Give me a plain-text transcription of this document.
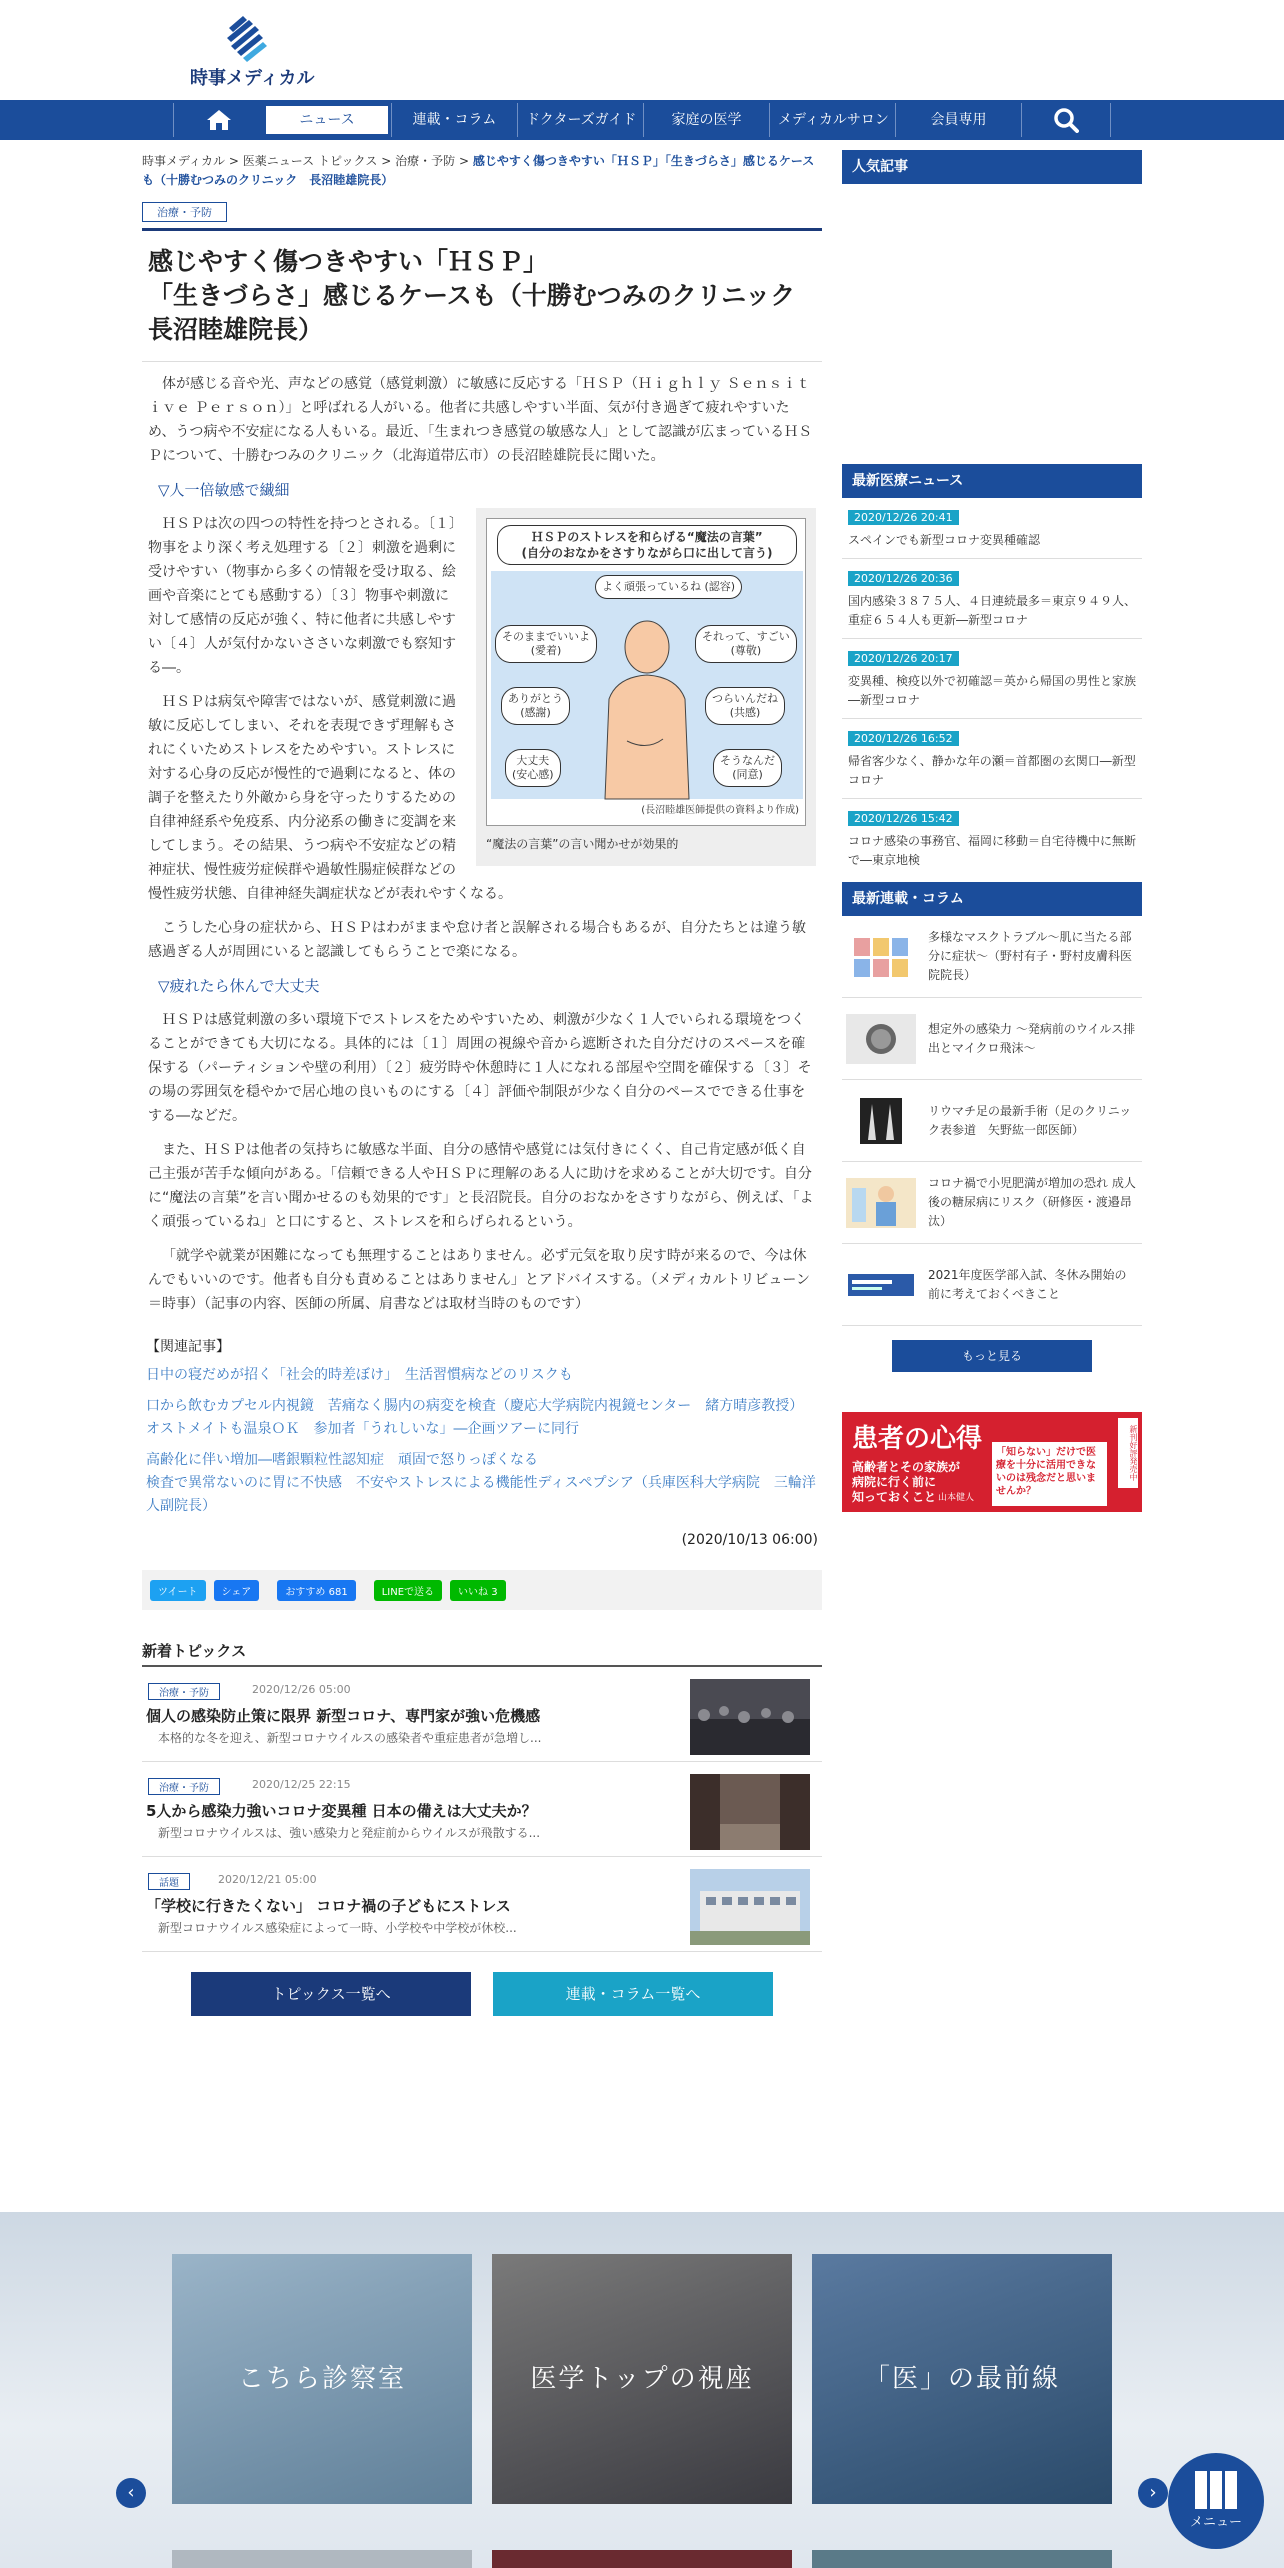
時事メディカル
ニュース	連載・コラム	ドクターズガイド	家庭の医学	メディカルサロン	会員専用
時事メディカル > 医薬ニュース トピックス > 治療・予防 > 感じやすく傷つきやすい「ＨＳＰ」「生きづらさ」感じるケースも（十勝むつみのクリニック　長沼睦雄院長）
治療・予防
感じやすく傷つきやすい「ＨＳＰ」
「生きづらさ」感じるケースも（十勝むつみのクリニック　長沼睦雄院長）

体が感じる音や光、声などの感覚（感覚刺激）に敏感に反応する「ＨＳＰ（Ｈｉｇｈｌｙ Ｓｅｎｓｉｔｉｖｅ Ｐｅｒｓｏｎ）」と呼ばれる人がいる。他者に共感しやすい半面、気が付き過ぎて疲れやすいため、うつ病や不安症になる人もいる。最近、「生まれつき感覚の敏感な人」として認識が広まっているＨＳＰについて、十勝むつみのクリニック（北海道帯広市）の長沼睦雄院長に聞いた。

▽人一倍敏感で繊細
ＨＳＰのストレスを和らげる“魔法の言葉”
(自分のおなかをさすりながら口に出して言う)
よく頑張っているね (認容)
そのままでいいよ
(愛着)
それって、すごい
(尊敬)
ありがとう
(感謝)
つらいんだね
(共感)
大丈夫
(安心感)
そうなんだ
(同意)
(長沼睦雄医師提供の資料より作成)
“魔法の言葉”の言い聞かせが効果的

ＨＳＰは次の四つの特性を持つとされる。〔１〕物事をより深く考え処理する〔２〕刺激を過剰に受けやすい（物事から多くの情報を受け取る、絵画や音楽にとても感動する）〔３〕物事や刺激に対して感情の反応が強く、特に他者に共感しやすい〔４〕人が気付かないささいな刺激でも察知する―。

ＨＳＰは病気や障害ではないが、感覚刺激に過敏に反応してしまい、それを表現できず理解もされにくいためストレスをためやすい。ストレスに対する心身の反応が慢性的で過剰になると、体の調子を整えたり外敵から身を守ったりするための自律神経系や免疫系、内分泌系の働きに変調を来してしまう。その結果、うつ病や不安症などの精神症状、慢性疲労症候群や過敏性腸症候群などの慢性疲労状態、自律神経失調症状などが表れやすくなる。

こうした心身の症状から、ＨＳＰはわがままや怠け者と誤解される場合もあるが、自分たちとは違う敏感過ぎる人が周囲にいると認識してもらうことで楽になる。

▽疲れたら休んで大丈夫

ＨＳＰは感覚刺激の多い環境下でストレスをためやすいため、刺激が少なく１人でいられる環境をつくることができても大切になる。具体的には〔１〕周囲の視線や音から遮断された自分だけのスペースを確保する（パーティションや壁の利用）〔２〕疲労時や休憩時に１人になれる部屋や空間を確保する〔３〕その場の雰囲気を穏やかで居心地の良いものにする〔４〕評価や制限が少なく自分のペースでできる仕事をする―などだ。

また、ＨＳＰは他者の気持ちに敏感な半面、自分の感情や感覚には気付きにくく、自己肯定感が低く自己主張が苦手な傾向がある。「信頼できる人やＨＳＰに理解のある人に助けを求めることが大切です。自分に“魔法の言葉”を言い聞かせるのも効果的です」と長沼院長。自分のおなかをさすりながら、例えば、「よく頑張っているね」と口にすると、ストレスを和らげられるという。

「就学や就業が困難になっても無理することはありません。必ず元気を取り戻す時が来るので、今は休んでもいいのです。他者も自分も責めることはありません」とアドバイスする。（メディカルトリビューン＝時事）（記事の内容、医師の所属、肩書などは取材当時のものです）

【関連記事】
日中の寝だめが招く「社会的時差ぼけ」　生活習慣病などのリスクも
口から飲むカプセル内視鏡　苦痛なく腸内の病変を検査（慶応大学病院内視鏡センター　緒方晴彦教授）
オストメイトも温泉ＯＫ　参加者「うれしいな」―企画ツアーに同行
高齢化に伴い増加―嗜銀顆粒性認知症　頑固で怒りっぽくなる
検査で異常ないのに胃に不快感　不安やストレスによる機能性ディスペプシア（兵庫医科大学病院　三輪洋人副院長）
(2020/10/13 06:00)
ツイート	シェア	おすすめ 681	LINEで送る	いいね 3
新着トピックス
治療・予防	2020/12/26 05:00
個人の感染防止策に限界 新型コロナ、専門家が強い危機感
本格的な冬を迎え、新型コロナウイルスの感染者や重症患者が急増し...
治療・予防	2020/12/25 22:15
5人から感染力強いコロナ変異種 日本の備えは大丈夫か？
新型コロナウイルスは、強い感染力と発症前からウイルスが飛散する...
話題	2020/12/21 05:00
「学校に行きたくない」 コロナ禍の子どもにストレス
新型コロナウイルス感染症によって一時、小学校や中学校が休校...
トピックス一覧へ	連載・コラム一覧へ
人気記事
最新医療ニュース
2020/12/26 20:41
スペインでも新型コロナ変異種確認
2020/12/26 20:36
国内感染３８７５人、４日連続最多＝東京９４９人、重症６５４人も更新―新型コロナ
2020/12/26 20:17
変異種、検疫以外で初確認＝英から帰国の男性と家族―新型コロナ
2020/12/26 16:52
帰省客少なく、静かな年の瀬＝首都圏の玄関口―新型コロナ
2020/12/26 15:42
コロナ感染の事務官、福岡に移動＝自宅待機中に無断で―東京地検
最新連載・コラム
多様なマスクトラブル～肌に当たる部分に症状～（野村有子・野村皮膚科医院院長）
想定外の感染力 ～発病前のウイルス排出とマイクロ飛沫～
リウマチ足の最新手術（足のクリニック表参道　矢野紘一郎医師）
コロナ禍で小児肥満が増加の恐れ 成人後の糖尿病にリスク（研修医・渡邉昂汰）
2021年度医学部入試、冬休み開始の前に考えておくべきこと
もっと見る
患者の心得
高齢者とその家族が
病院に行く前に
知っておくこと 山本健人
「知らない」だけで医療を十分に活用できないのは残念だと思いませんか？
新刊好評発売中
こちら診察室	医学トップの視座	「医」の最前線
‹	›
メニュー
